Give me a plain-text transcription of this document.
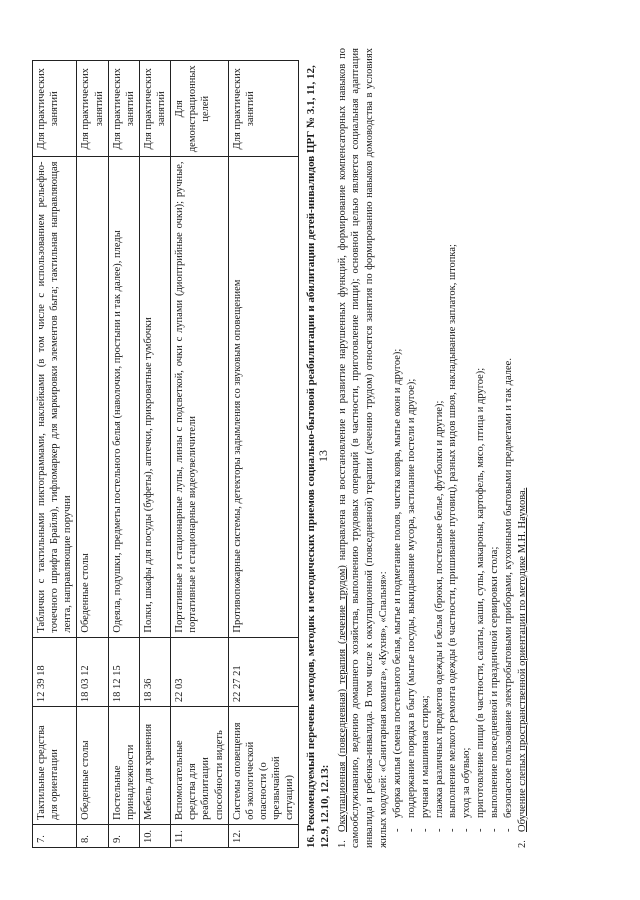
13
7.	Тактильные средства для ориентации	12 39 18	Таблички с тактильными пиктограммами, наклейками (в том числе с использованием рельефно-точечного шрифта Брайля), тифломаркер для маркировки элементов быта; тактильная направляющая лента, направляющие поручни	Для практических занятий
8.	Обеденные столы	18 03 12	Обеденные столы	Для практических занятий
9.	Постельные принадлежности	18 12 15	Одеяла, подушки, предметы постельного белья (наволочки, простыни и так далее), пледы	Для практических занятий
10.	Мебель для хранения	18 36	Полки, шкафы для посуды (буфеты), аптечки, прикроватные тумбочки	Для практических занятий
11.	Вспомогательные средства для реабилитации способности видеть	22 03	Портативные и стационарные лупы, линзы с подсветкой, очки с лупами (диоптрийные очки); ручные, портативные и стационарные видеоувеличители	Для демонстрационных целей
12.	Системы оповещения об экологической опасности (о чрезвычайной ситуации)	22 27 21	Противопожарные системы, детекторы задымления со звуковым оповещением	Для практических занятий	16. Рекомендуемый перечень методов, методик и методических приемов социально-бытовой реабилитации и абилитации детей-инвалидов ЦРГ № 3.1, 11, 12, 12.9, 12.10, 12.13: 1.Оккупационная (повседневная) терапия (лечение трудом) направлена на восстановление и развитие нарушенных функций, формирование компенсаторных навыков по самообслуживанию, ведению домашнего хозяйства, выполнению трудовых операций (в частности, приготовление пищи); основной целью является социальная адаптация инвалида и ребенка-инвалида. В том числе к оккупационной (повседневной) терапии (лечению трудом) относятся занятия по формированию навыков домоводства в условиях жилых модулей: «Санитарная комната», «Кухня», «Спальня»: - уборка жилья (смена постельного белья, мытье и подметание полов, чистка ковра, мытье окон и другое); - поддержание порядка в быту (мытье посуды, выкидывание мусора, застилание постели и другое); - ручная и машинная стирка; - глажка различных предметов одежды и белья (брюки, постельное белье, футболки и другие); - выполнение мелкого ремонта одежды (в частности, пришивание пуговиц), разных видов швов, накладывание заплаток, штопка; - уход за обувью; - приготовление пищи (в частности, салаты, каши, супы, макароны, картофель, мясо, птица и другое); - выполнение повседневной и праздничной сервировки стола; - безопасное пользование электробытовыми приборами, кухонными бытовыми предметами и так далее.

2.Обучение слепых пространственной ориентации по методике М.Н. Наумова.
